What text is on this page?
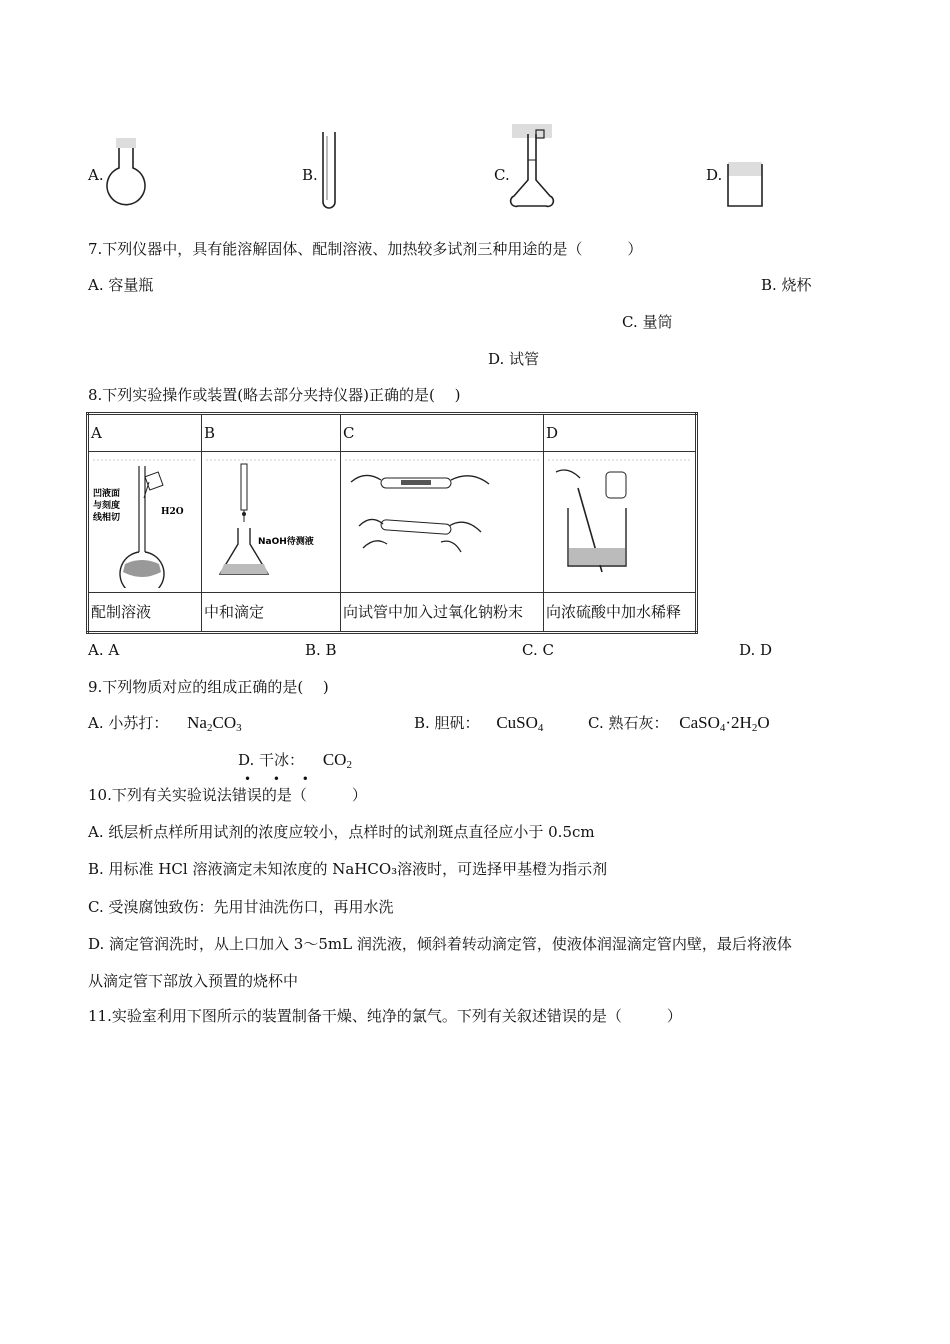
A.	B.	C.	D.
7.下列仪器中，具有能溶解固体、配制溶液、加热较多试剂三种用途的是（　　　）
A. 容量瓶	B. 烧杯
C. 量筒
D. 试管
8.下列实验操作或装置(略去部分夹持仪器)正确的是(　 )
A	B	C	D

凹液面
与刻度
线相切
H2O	NaOH待测液

配制溶液	中和滴定	向试管中加入过氧化钠粉末	向浓硫酸中加水稀释
A. A	B. B	C. C	D. D
9.下列物质对应的组成正确的是(　 )
A. 小苏打： $Na_2CO_3$	B. 胆矾： CuSO$_4$	C. 熟石灰： $CaSO_4\cdot 2H_2O$
D. 干冰： $CO_2$
• • •
10.下列有关实验说法错误的是（　　　）
A. 纸层析点样所用试剂的浓度应较小，点样时的试剂斑点直径应小于 0.5cm
B. 用标准 HCl 溶液滴定未知浓度的 NaHCO₃溶液时，可选择甲基橙为指示剂
C. 受溴腐蚀致伤：先用甘油洗伤口，再用水洗
D. 滴定管润洗时，从上口加入 3～5mL 润洗液，倾斜着转动滴定管，使液体润湿滴定管内壁，最后将液体
从滴定管下部放入预置的烧杯中
11.实验室利用下图所示的装置制备干燥、纯净的氯气。下列有关叙述错误的是（　　　）
